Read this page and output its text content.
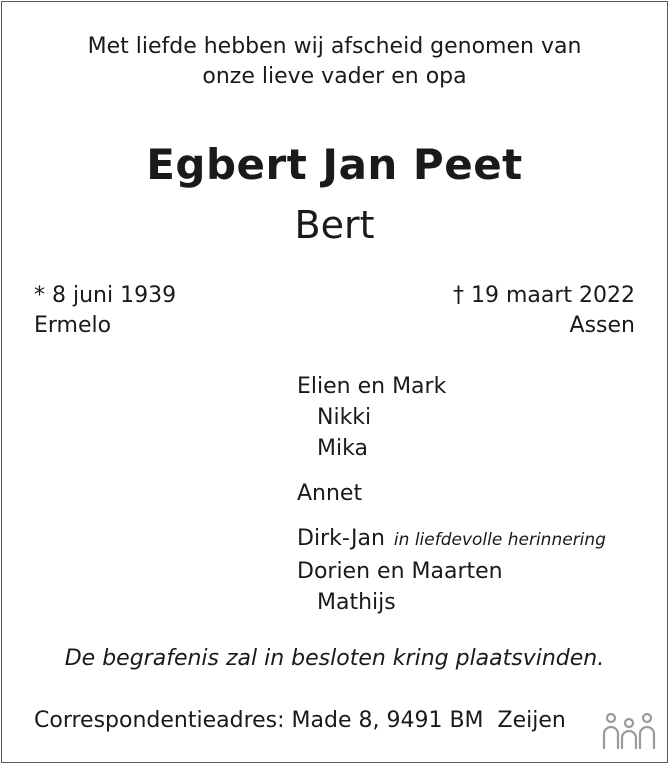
Met liefde hebben wij afscheid genomen van
onze lieve vader en opa
Egbert Jan Peet
Bert
* 8 juni 1939
Ermelo
† 19 maart 2022
Assen
Elien en Mark
Nikki
Mika
Annet
Dirk-Jan in liefdevolle herinnering
Dorien en Maarten
Mathijs
De begrafenis zal in besloten kring plaatsvinden.
Correspondentieadres: Made 8, 9491 BM  Zeijen
